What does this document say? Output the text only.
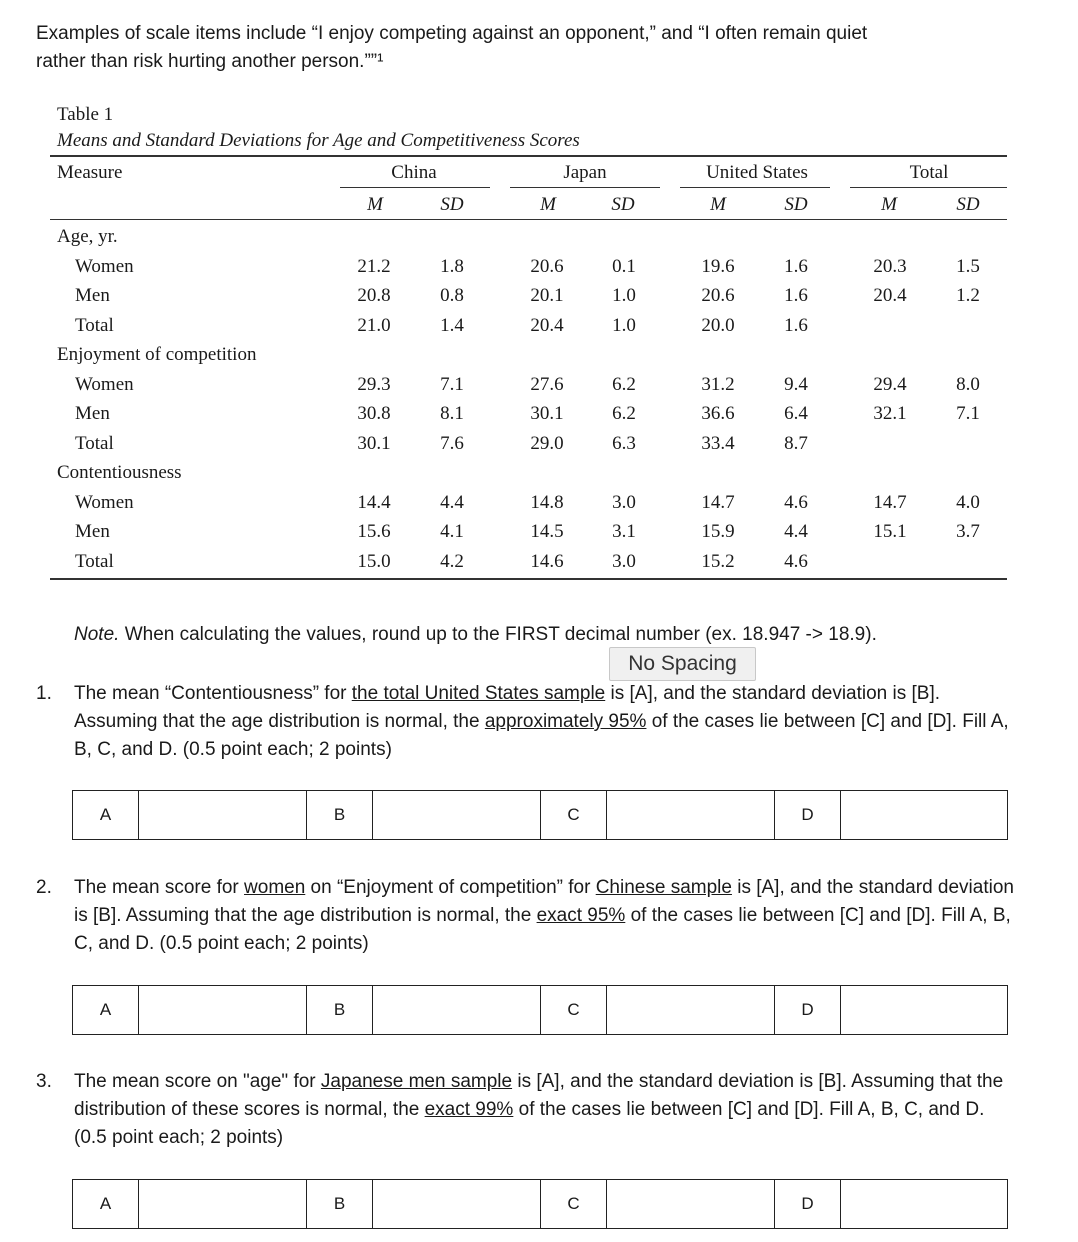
Examples of scale items include “I enjoy competing against an opponent,” and “I often remain quiet
rather than risk hurting another person.””¹
Table 1
Means and Standard Deviations for Age and Competitiveness Scores
Measure	China	Japan	United States	Total
M	SD	M	SD	M	SD	M	SD
Age, yr.
Women	21.2	1.8	20.6	0.1	19.6	1.6	20.3	1.5
Men	20.8	0.8	20.1	1.0	20.6	1.6	20.4	1.2
Total	21.0	1.4	20.4	1.0	20.0	1.6
Enjoyment of competition
Women	29.3	7.1	27.6	6.2	31.2	9.4	29.4	8.0
Men	30.8	8.1	30.1	6.2	36.6	6.4	32.1	7.1
Total	30.1	7.6	29.0	6.3	33.4	8.7
Contentiousness
Women	14.4	4.4	14.8	3.0	14.7	4.6	14.7	4.0
Men	15.6	4.1	14.5	3.1	15.9	4.4	15.1	3.7
Total	15.0	4.2	14.6	3.0	15.2	4.6
Note. When calculating the values, round up to the FIRST decimal number (ex. 18.947 -> 18.9).
No Spacing
1. The mean “Contentiousness” for the total United States sample is [A], and the standard deviation is [B]. Assuming that the age distribution is normal, the approximately 95% of the cases lie between [C] and [D]. Fill A, B, C, and D. (0.5 point each; 2 points)
A	B	C	D
2. The mean score for women on “Enjoyment of competition” for Chinese sample is [A], and the standard deviation is [B]. Assuming that the age distribution is normal, the exact 95% of the cases lie between [C] and [D]. Fill A, B, C, and D. (0.5 point each; 2 points)
A	B	C	D
3. The mean score on "age" for Japanese men sample is [A], and the standard deviation is [B]. Assuming that the distribution of these scores is normal, the exact 99% of the cases lie between [C] and [D]. Fill A, B, C, and D. (0.5 point each; 2 points)
A	B	C	D
